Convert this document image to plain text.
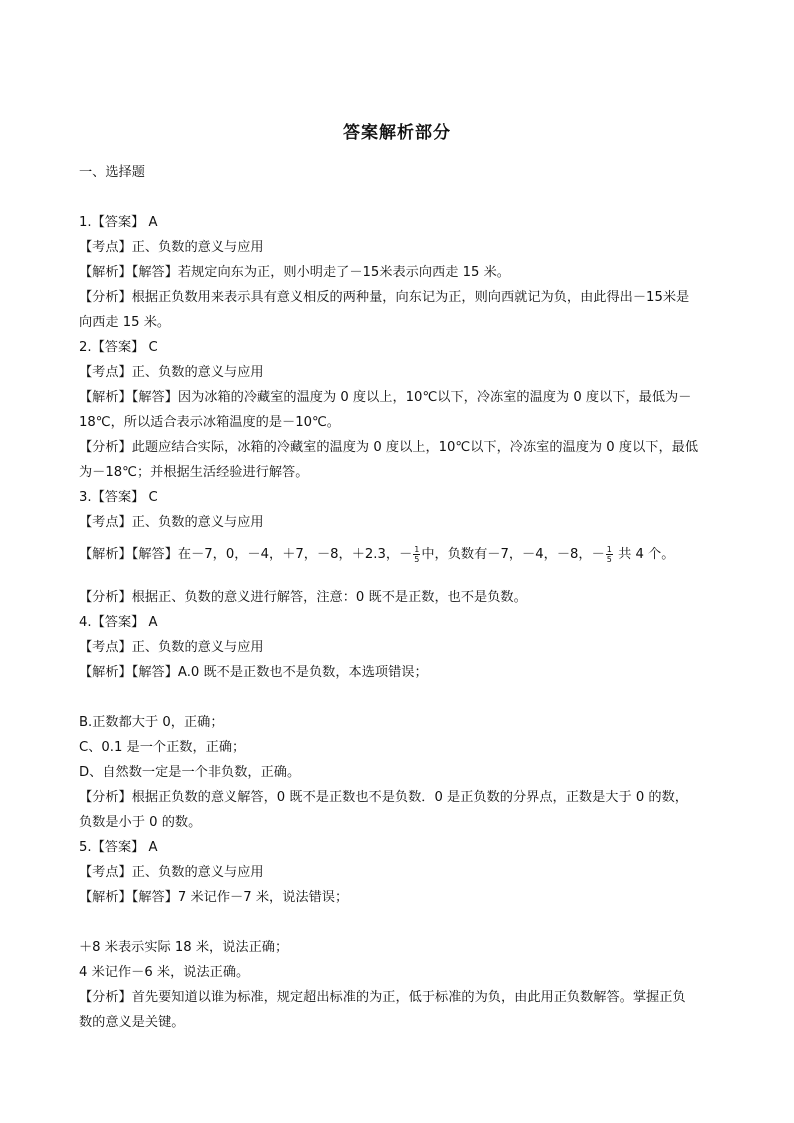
答案解析部分
一、选择题
1.【答案】 A
【考点】正、负数的意义与应用
【解析】【解答】若规定向东为正，则小明走了－15米表示向西走 15 米。
【分析】根据正负数用来表示具有意义相反的两种量，向东记为正，则向西就记为负，由此得出－15米是
向西走 15 米。
2.【答案】 C
【考点】正、负数的意义与应用
【解析】【解答】因为冰箱的冷藏室的温度为 0 度以上，10℃以下，冷冻室的温度为 0 度以下，最低为－
18℃，所以适合表示冰箱温度的是－10℃。
【分析】此题应结合实际，冰箱的冷藏室的温度为 0 度以上，10℃以下，冷冻室的温度为 0 度以下，最低
为－18℃；并根据生活经验进行解答。
3.【答案】 C
【考点】正、负数的意义与应用
【解析】【解答】在－7，0，－4，＋7，－8，＋2.3，－ $\frac{1}{5}$ 中，负数有－7，－4，－8，－ $\frac{1}{5}$ 共 4 个。
【分析】根据正、负数的意义进行解答，注意：0 既不是正数，也不是负数。
4.【答案】 A
【考点】正、负数的意义与应用
【解析】【解答】A.0 既不是正数也不是负数，本选项错误；
B.正数都大于 0，正确；
C、0.1 是一个正数，正确；
D、自然数一定是一个非负数，正确。
【分析】根据正负数的意义解答，0 既不是正数也不是负数．0 是正负数的分界点，正数是大于 0 的数，
负数是小于 0 的数。
5.【答案】 A
【考点】正、负数的意义与应用
【解析】【解答】7 米记作－7 米，说法错误；
＋8 米表示实际 18 米，说法正确；
4 米记作－6 米，说法正确。
【分析】首先要知道以谁为标准，规定超出标准的为正，低于标准的为负，由此用正负数解答。掌握正负
数的意义是关键。
